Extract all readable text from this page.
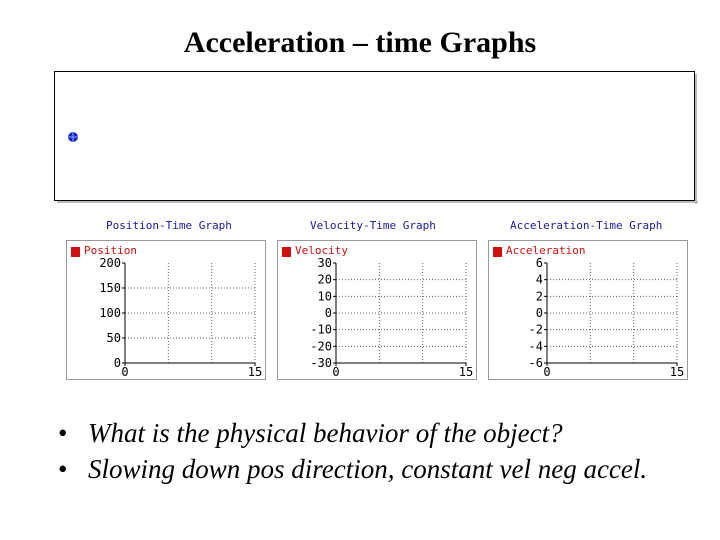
Acceleration – time Graphs
Position-Time Graph	Velocity-Time Graph	Acceleration-Time Graph
Position
200
150
100
50
0
0	15
Velocity
30
20
10
0
-10
-20
-30
0	15
Acceleration
6
4
2
0
-2
-4
-6
0	15
• What is the physical behavior of the object?
• Slowing down pos direction, constant vel neg accel.
